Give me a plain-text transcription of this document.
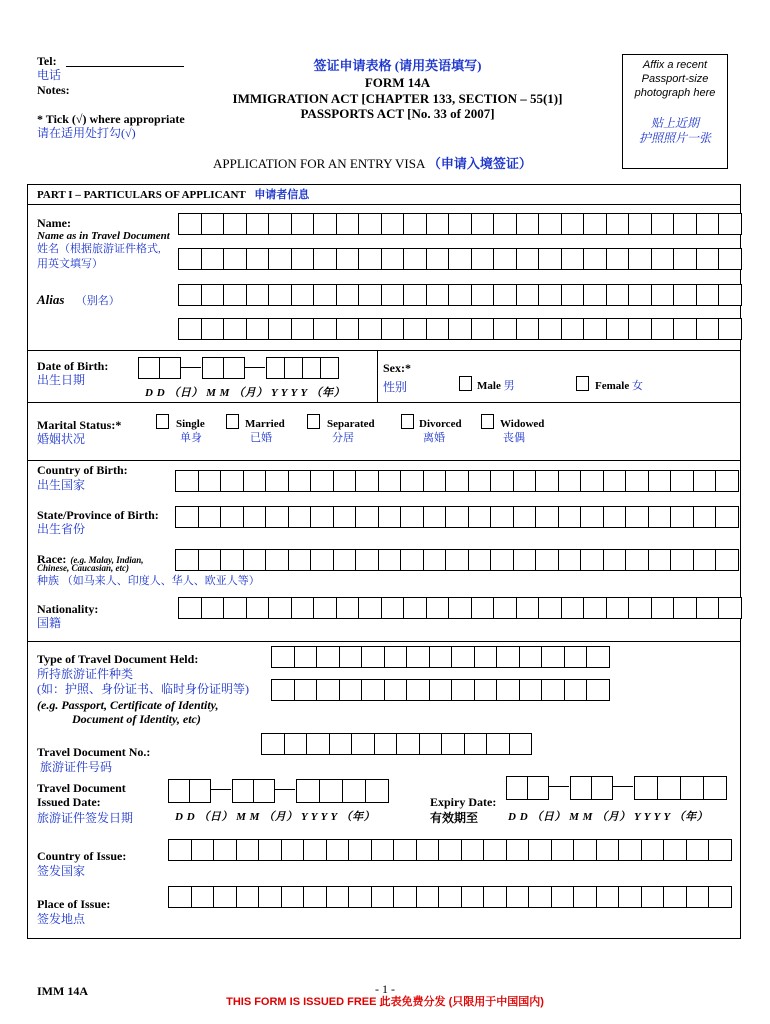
Tel:
电话
Notes:
* Tick (√) where appropriate
请在适用处打勾(√)
签证申请表格 (请用英语填写)
FORM 14A
IMMIGRATION ACT [CHAPTER 133, SECTION – 55(1)]
PASSPORTS ACT [No. 33 of 2007]
Affix a recent Passport-size photograph here
贴上近期
护照照片一张
APPLICATION FOR AN ENTRY VISA （申请入境签证）
PART I – PARTICULARS OF APPLICANT 申请者信息
Name:
Name as in Travel Document
姓名（根据旅游证件格式,
用英文填写）
Alias （别名）
Date of Birth:
出生日期
D D （日） M M （月） Y Y Y Y （年）
Sex:*
性别	Male 男	Female 女
Marital Status:*
婚姻状况
Single
单身
Married
已婚
Separated
分居
Divorced
离婚
Widowed
丧偶
Country of Birth:
出生国家
State/Province of Birth:
出生省份
Race: (e.g. Malay, Indian,
Chinese, Caucasian, etc)
种族 （如马来人、印度人、华人、欧亚人等）
Nationality:
国籍
Type of Travel Document Held:
所持旅游证件种类
(如：护照、身份证书、临时身份证明等)
(e.g. Passport, Certificate of Identity,
Document of Identity, etc)
Travel Document No.:
旅游证件号码
Travel Document
Issued Date:
旅游证件签发日期	D D （日） M M （月） Y Y Y Y （年）
Expiry Date:
有效期至	D D （日） M M （月） Y Y Y Y （年）
Country of Issue:
签发国家
Place of Issue:
签发地点
IMM 14A	- 1 -
THIS FORM IS ISSUED FREE 此表免费分发 (只限用于中国国内)
